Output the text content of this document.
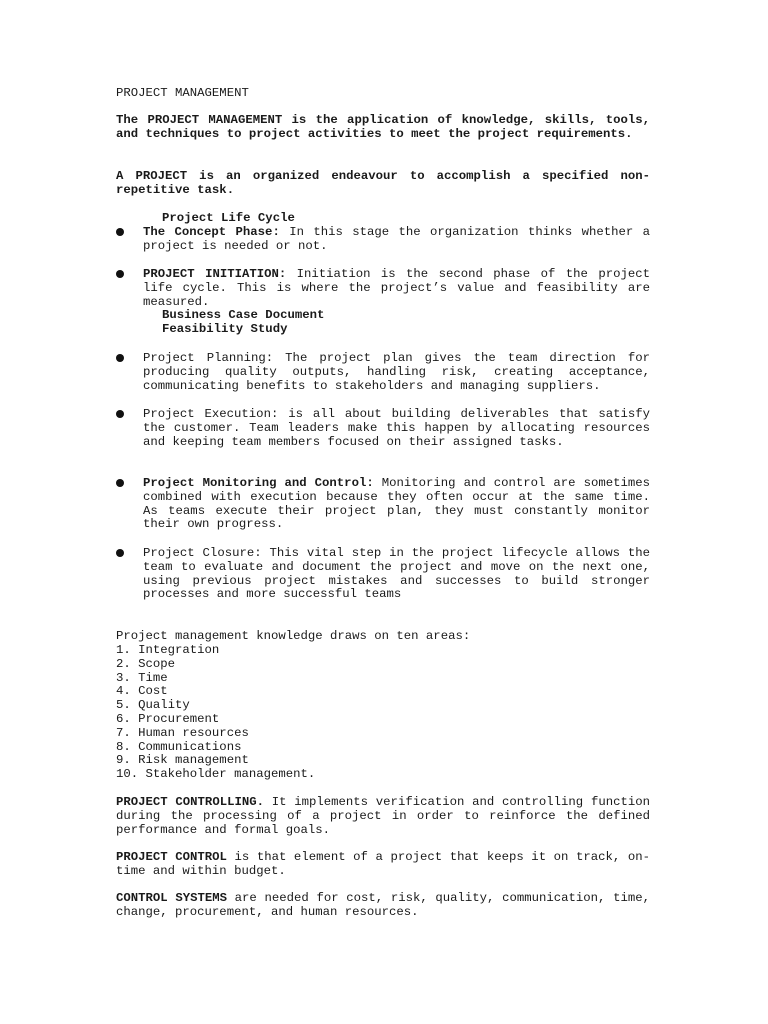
PROJECT MANAGEMENT
The PROJECT MANAGEMENT is the application of knowledge, skills, tools, and techniques to project activities to meet the project requirements.
A PROJECT is an organized endeavour to accomplish a specified non-repetitive task.
Project Life Cycle
The Concept Phase: In this stage the organization thinks whether a project is needed or not.
PROJECT INITIATION: Initiation is the second phase of the project life cycle. This is where the project’s value and feasibility are measured.
Business Case Document
Feasibility Study
Project Planning: The project plan gives the team direction for producing quality outputs, handling risk, creating acceptance, communicating benefits to stakeholders and managing suppliers.
Project Execution: is all about building deliverables that satisfy the customer. Team leaders make this happen by allocating resources and keeping team members focused on their assigned tasks.
Project Monitoring and Control: Monitoring and control are sometimes combined with execution because they often occur at the same time. As teams execute their project plan, they must constantly monitor their own progress.
Project Closure: This vital step in the project lifecycle allows the team to evaluate and document the project and move on the next one, using previous project mistakes and successes to build stronger processes and more successful teams
Project management knowledge draws on ten areas:
1. Integration
2. Scope
3. Time
4. Cost
5. Quality
6. Procurement
7. Human resources
8. Communications
9. Risk management
10. Stakeholder management.
PROJECT CONTROLLING. It implements verification and controlling function during the processing of a project in order to reinforce the defined performance and formal goals.
PROJECT CONTROL is that element of a project that keeps it on track, on-time and within budget.
CONTROL SYSTEMS are needed for cost, risk, quality, communication, time, change, procurement, and human resources.
